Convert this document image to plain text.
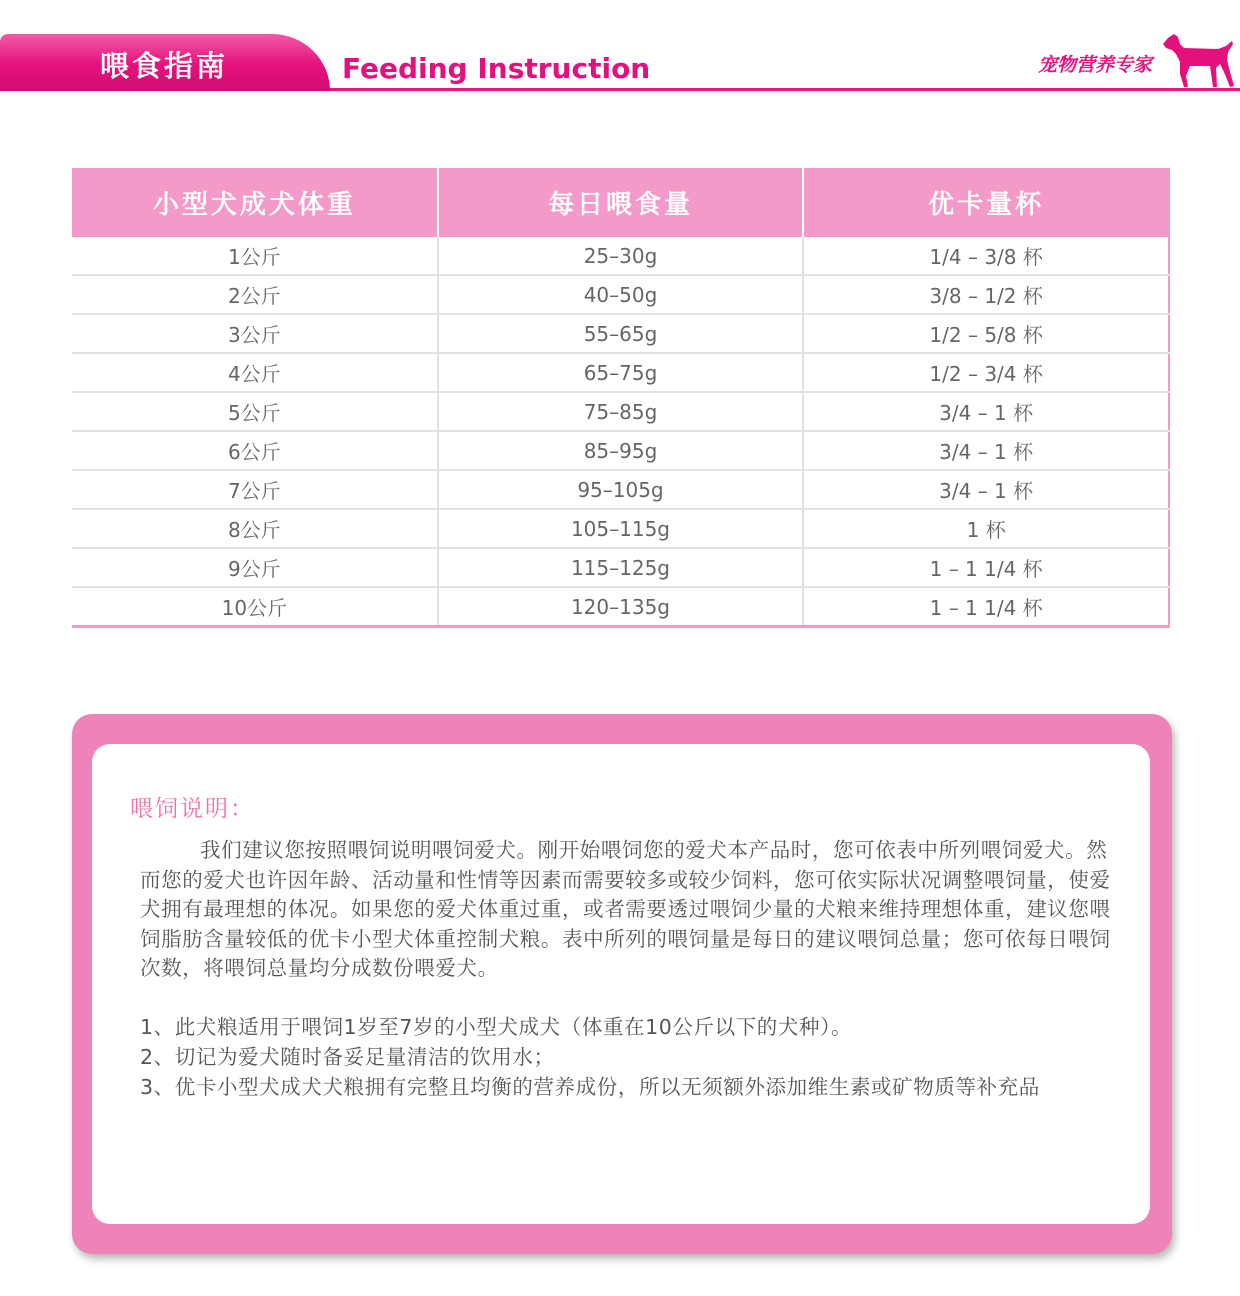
喂食指南	Feeding Instruction	宠物营养专家
小型犬成犬体重	每日喂食量	优卡量杯
1公斤	25–30g	1/4 – 3/8 杯
2公斤	40–50g	3/8 – 1/2 杯
3公斤	55–65g	1/2 – 5/8 杯
4公斤	65–75g	1/2 – 3/4 杯
5公斤	75–85g	3/4 – 1 杯
6公斤	85–95g	3/4 – 1 杯
7公斤	95–105g	3/4 – 1 杯
8公斤	105–115g	1 杯
9公斤	115–125g	1 – 1 1/4 杯
10公斤	120–135g	1 – 1 1/4 杯
喂饲说明：

我们建议您按照喂饲说明喂饲爱犬。刚开始喂饲您的爱犬本产品时，您可依表中所列喂饲爱犬。然而您的爱犬也许因年龄、活动量和性情等因素而需要较多或较少饲料，您可依实际状况调整喂饲量，使爱犬拥有最理想的体况。如果您的爱犬体重过重，或者需要透过喂饲少量的犬粮来维持理想体重，建议您喂饲脂肪含量较低的优卡小型犬体重控制犬粮。表中所列的喂饲量是每日的建议喂饲总量；您可依每日喂饲次数，将喂饲总量均分成数份喂爱犬。

1、此犬粮适用于喂饲1岁至7岁的小型犬成犬（体重在10公斤以下的犬种）。
2、切记为爱犬随时备妥足量清洁的饮用水；
3、优卡小型犬成犬犬粮拥有完整且均衡的营养成份，所以无须额外添加维生素或矿物质等补充品
